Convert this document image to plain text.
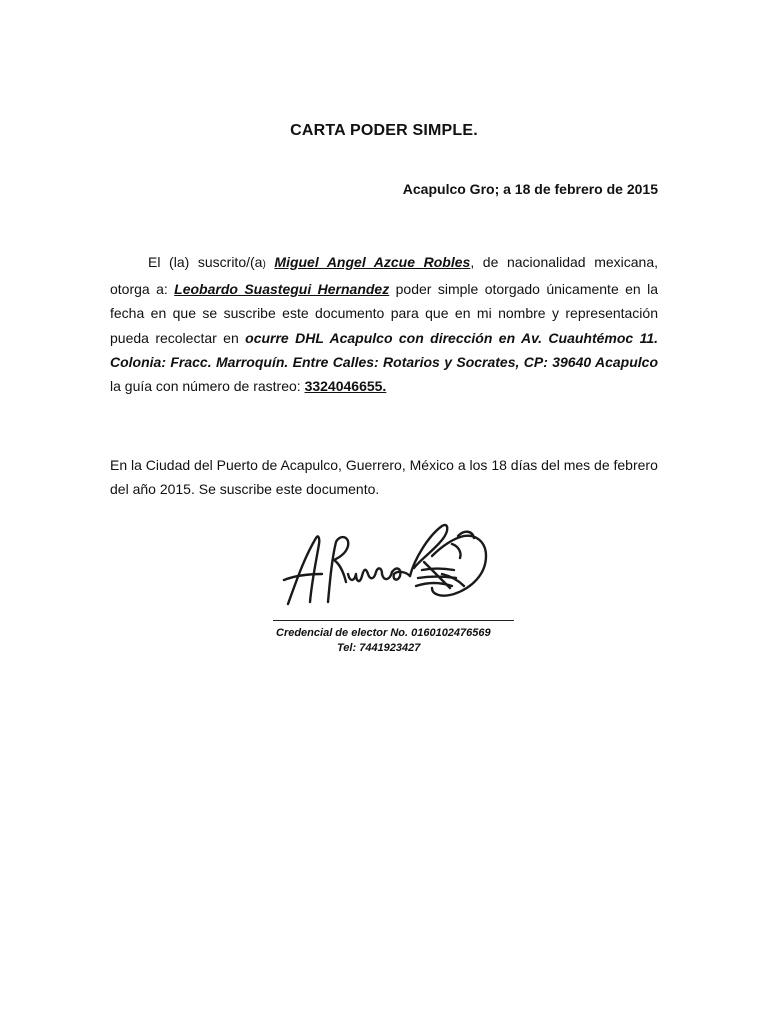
CARTA PODER SIMPLE.
Acapulco Gro; a 18 de febrero de 2015

El (la) suscrito/(a) Miguel Angel Azcue Robles, de nacionalidad mexicana, otorga a: Leobardo Suastegui Hernandez poder simple otorgado únicamente en la fecha en que se suscribe este documento para que en mi nombre y representación pueda recolectar en ocurre DHL Acapulco con dirección en Av. Cuauhtémoc 11. Colonia: Fracc. Marroquín. Entre Calles: Rotarios y Socrates, CP: 39640 Acapulco la guía con número de rastreo: 3324046655.

En la Ciudad del Puerto de Acapulco, Guerrero, México a los 18 días del mes de febrero del año 2015. Se suscribe este documento.

Credencial de elector No. 0160102476569
Tel: 7441923427
